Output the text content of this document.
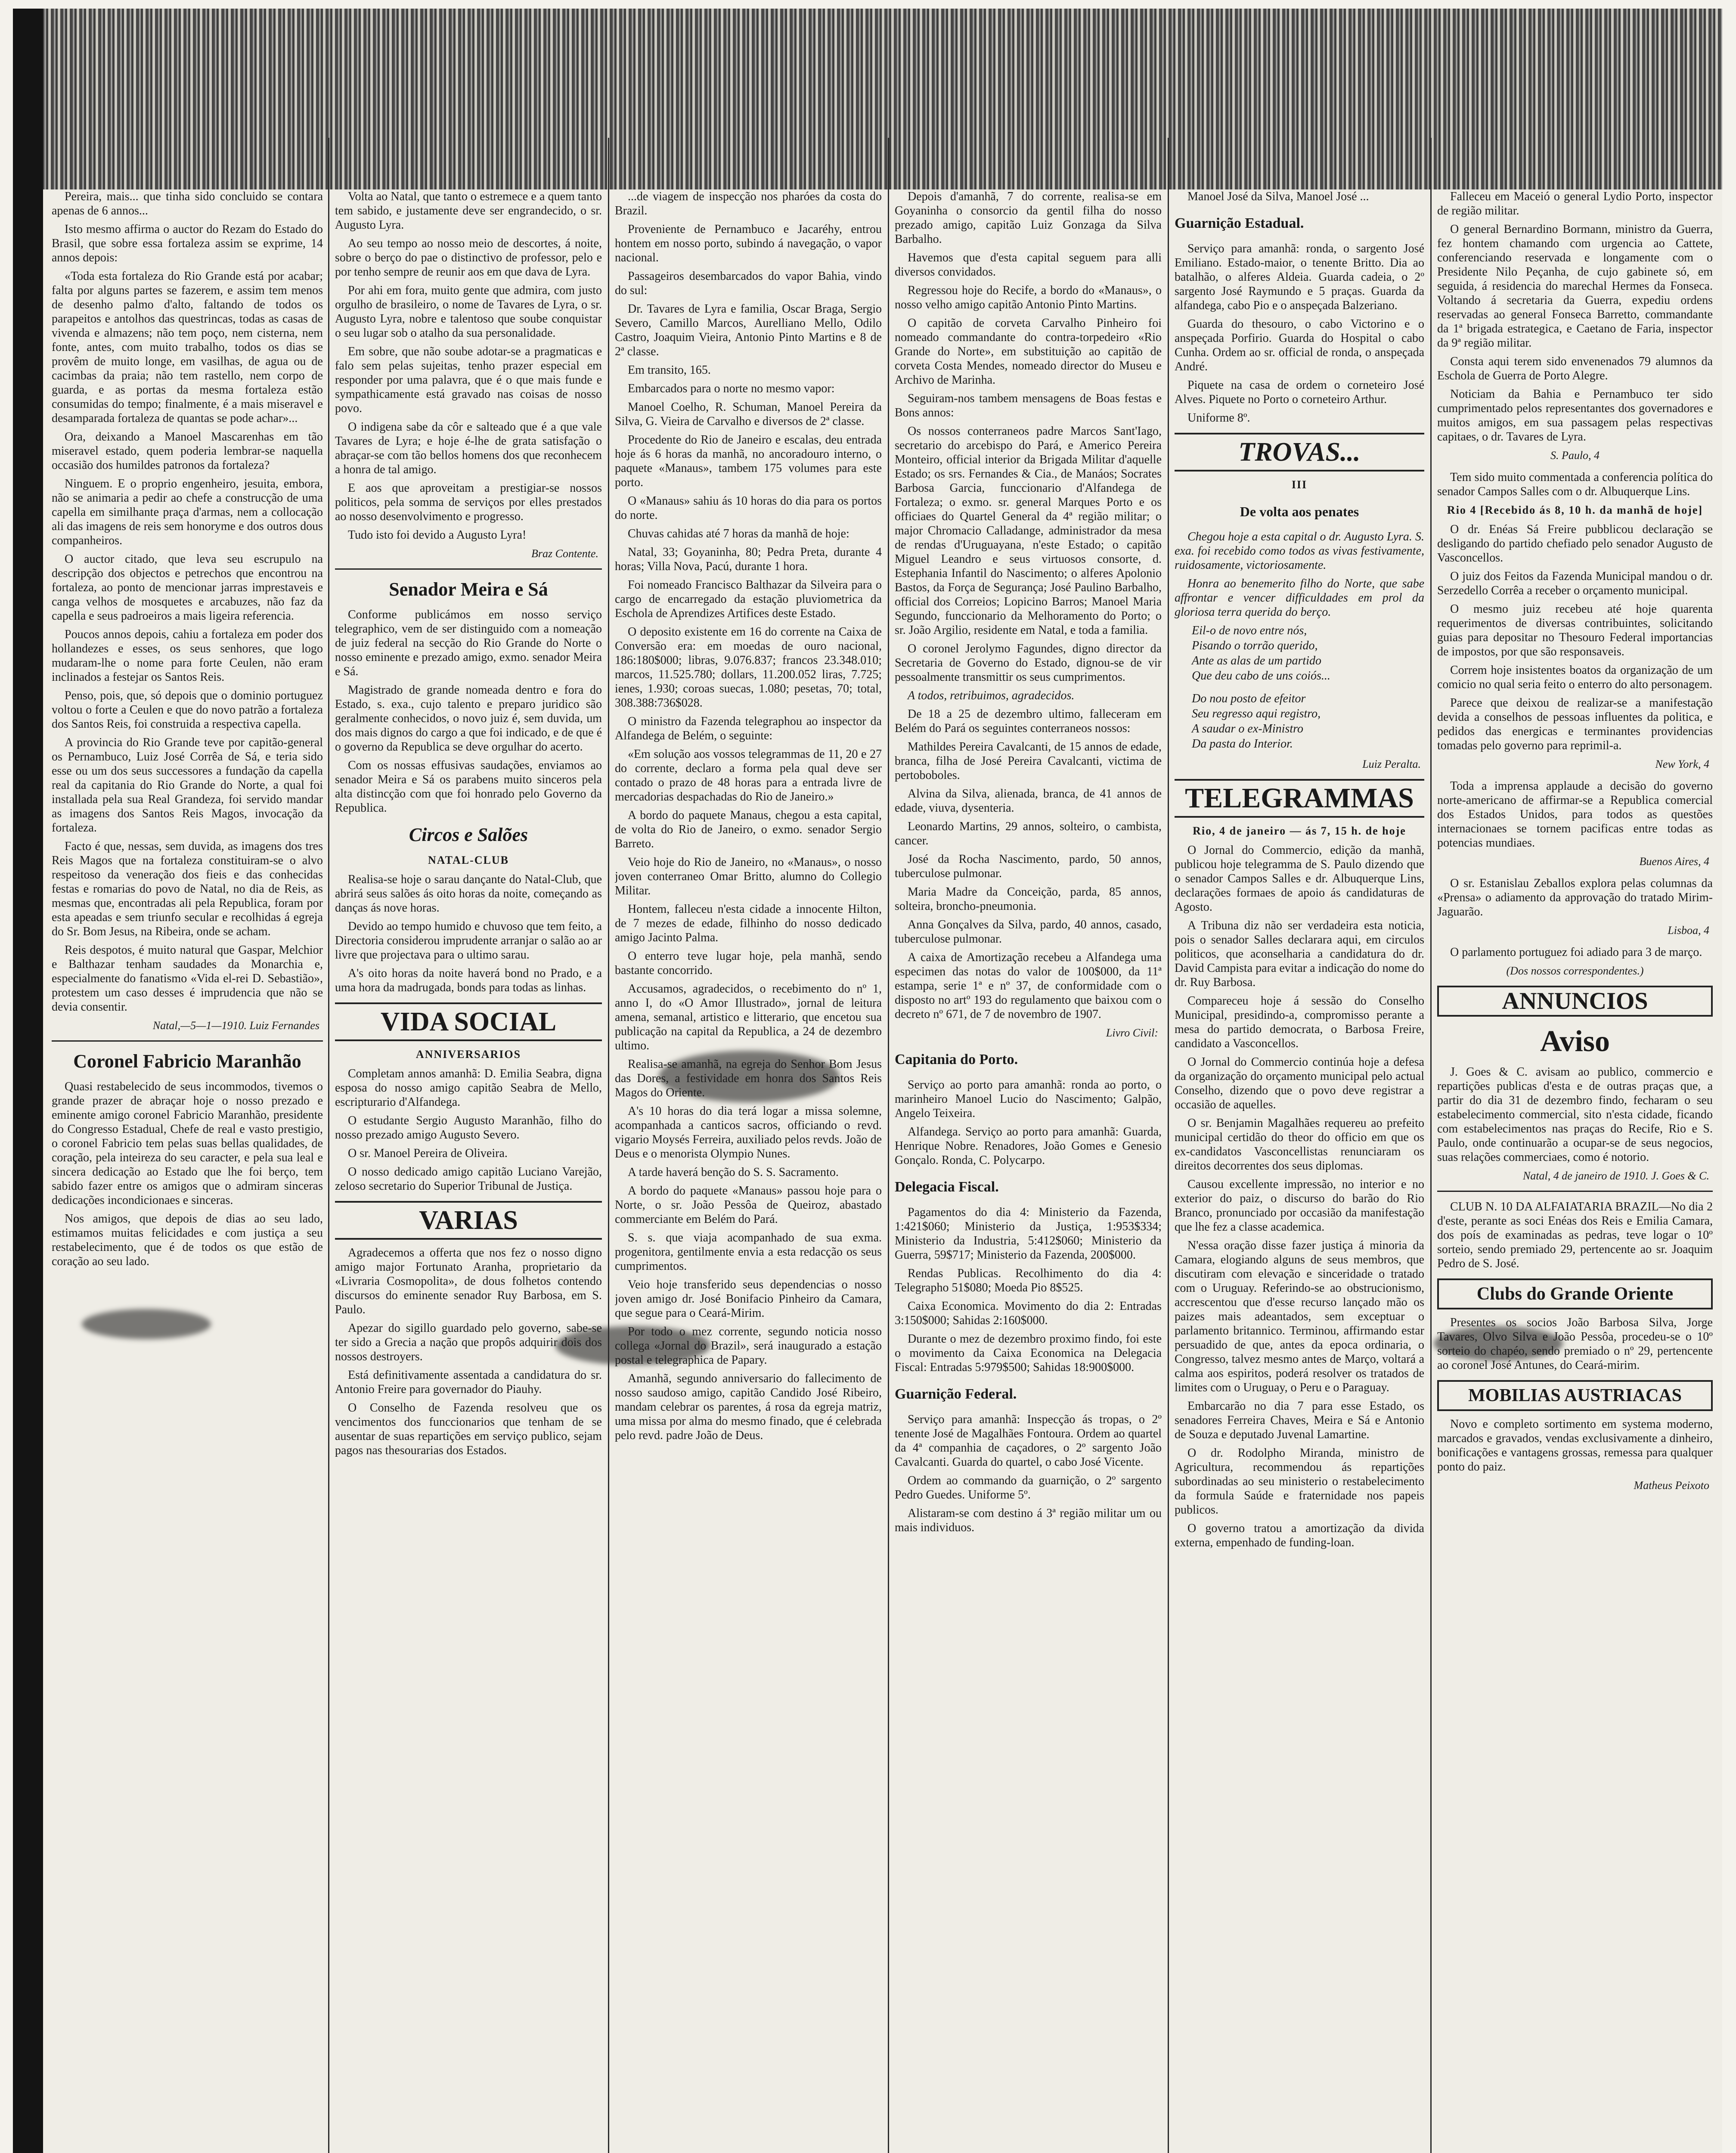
Pereira, mais... que tinha sido concluido se contara apenas de 6 annos...

Isto mesmo affirma o auctor do Rezam do Estado do Brasil, que sobre essa fortaleza assim se exprime, 14 annos depois:

«Toda esta fortaleza do Rio Grande está por acabar; falta por alguns partes se fazerem, e assim tem menos de desenho palmo d'alto, faltando de todos os parapeitos e antolhos das questrincas, todas as casas de vivenda e almazens; não tem poço, nem cisterna, nem fonte, antes, com muito trabalho, todos os dias se provêm de muito longe, em vasilhas, de agua ou de cacimbas da praia; não tem rastello, nem corpo de guarda, e as portas da mesma fortaleza estão consumidas do tempo; finalmente, é a mais miseravel e desamparada fortaleza de quantas se pode achar»...

Ora, deixando a Manoel Mascarenhas em tão miseravel estado, quem poderia lembrar-se naquella occasião dos humildes patronos da fortaleza?

Ninguem. E o proprio engenheiro, jesuita, embora, não se animaria a pedir ao chefe a construcção de uma capella em similhante praça d'armas, nem a collocação ali das imagens de reis sem honoryme e dos outros dous companheiros.

O auctor citado, que leva seu escrupulo na descripção dos objectos e petrechos que encontrou na fortaleza, ao ponto de mencionar jarras imprestaveis e canga velhos de mosquetes e arcabuzes, não faz da capella e seus padroeiros a mais ligeira referencia.

Poucos annos depois, cahiu a fortaleza em poder dos hollandezes e esses, os seus senhores, que logo mudaram-lhe o nome para forte Ceulen, não eram inclinados a festejar os Santos Reis.

Penso, pois, que, só depois que o dominio portuguez voltou o forte a Ceulen e que do novo patrão a fortaleza dos Santos Reis, foi construida a respectiva capella.

A provincia do Rio Grande teve por capitão-general os Pernambuco, Luiz José Corrêa de Sá, e teria sido esse ou um dos seus successores a fundação da capella real da capitania do Rio Grande do Norte, a qual foi installada pela sua Real Grandeza, foi servido mandar as imagens dos Santos Reis Magos, invocação da fortaleza.

Facto é que, nessas, sem duvida, as imagens dos tres Reis Magos que na fortaleza constituiram-se o alvo respeitoso da veneração dos fieis e das conhecidas festas e romarias do povo de Natal, no dia de Reis, as mesmas que, encontradas ali pela Republica, foram por esta apeadas e sem triunfo secular e recolhidas á egreja do Sr. Bom Jesus, na Ribeira, onde se acham.

Reis despotos, é muito natural que Gaspar, Melchior e Balthazar tenham saudades da Monarchia e, especialmente do fanatismo «Vida el-rei D. Sebastião», protestem um caso desses é imprudencia que não se devia consentir.

Natal,—5—1—1910. Luiz Fernandes
Coronel Fabricio Maranhão

Quasi restabelecido de seus incommodos, tivemos o grande prazer de abraçar hoje o nosso prezado e eminente amigo coronel Fabricio Maranhão, presidente do Congresso Estadual, Chefe de real e vasto prestigio, o coronel Fabricio tem pelas suas bellas qualidades, de coração, pela inteireza do seu caracter, e pela sua leal e sincera dedicação ao Estado que lhe foi berço, tem sabido fazer entre os amigos que o admiram sinceras dedicações incondicionaes e sinceras.

Nos amigos, que depois de dias ao seu lado, estimamos muitas felicidades e com justiça a seu restabelecimento, que é de todos os que estão de coração ao seu lado.

Volta ao Natal, que tanto o estremece e a quem tanto tem sabido, e justamente deve ser engrandecido, o sr. Augusto Lyra.

Ao seu tempo ao nosso meio de descortes, á noite, sobre o berço do pae o distinctivo de professor, pelo e por tenho sempre de reunir aos em que dava de Lyra.

Por ahi em fora, muito gente que admira, com justo orgulho de brasileiro, o nome de Tavares de Lyra, o sr. Augusto Lyra, nobre e talentoso que soube conquistar o seu lugar sob o atalho da sua personalidade.

Em sobre, que não soube adotar-se a pragmaticas e falo sem pelas sujeitas, tenho prazer especial em responder por uma palavra, que é o que mais funde e sympathicamente está gravado nas coisas de nosso povo.

O indigena sabe da côr e salteado que é a que vale Tavares de Lyra; e hoje é-lhe de grata satisfação o abraçar-se com tão bellos homens dos que reconhecem a honra de tal amigo.

E aos que aproveitam a prestigiar-se nossos politicos, pela somma de serviços por elles prestados ao nosso desenvolvimento e progresso.

Tudo isto foi devido a Augusto Lyra!

Braz Contente.
Senador Meira e Sá

Conforme publicámos em nosso serviço telegraphico, vem de ser distinguido com a nomeação de juiz federal na secção do Rio Grande do Norte o nosso eminente e prezado amigo, exmo. senador Meira e Sá.

Magistrado de grande nomeada dentro e fora do Estado, s. exa., cujo talento e preparo juridico são geralmente conhecidos, o novo juiz é, sem duvida, um dos mais dignos do cargo a que foi indicado, e de que é o governo da Republica se deve orgulhar do acerto.

Com os nossas effusivas saudações, enviamos ao senador Meira e Sá os parabens muito sinceros pela alta distincção com que foi honrado pelo Governo da Republica.

Circos e Salões
NATAL-CLUB

Realisa-se hoje o sarau dançante do Natal-Club, que abrirá seus salões ás oito horas da noite, começando as danças ás nove horas.

Devido ao tempo humido e chuvoso que tem feito, a Directoria considerou imprudente arranjar o salão ao ar livre que projectava para o ultimo sarau.

A's oito horas da noite haverá bond no Prado, e a uma hora da madrugada, bonds para todas as linhas.

VIDA SOCIAL
ANNIVERSARIOS

Completam annos amanhã: D. Emilia Seabra, digna esposa do nosso amigo capitão Seabra de Mello, escripturario d'Alfandega.

O estudante Sergio Augusto Maranhão, filho do nosso prezado amigo Augusto Severo.

O sr. Manoel Pereira de Oliveira.

O nosso dedicado amigo capitão Luciano Varejão, zeloso secretario do Superior Tribunal de Justiça.

VARIAS

Agradecemos a offerta que nos fez o nosso digno amigo major Fortunato Aranha, proprietario da «Livraria Cosmopolita», de dous folhetos contendo discursos do eminente senador Ruy Barbosa, em S. Paulo.

Apezar do sigillo guardado pelo governo, sabe-se ter sido a Grecia a nação que propôs adquirir dois dos nossos destroyers.

Está definitivamente assentada a candidatura do sr. Antonio Freire para governador do Piauhy.

O Conselho de Fazenda resolveu que os vencimentos dos funccionarios que tenham de se ausentar de suas repartições em serviço publico, sejam pagos nas thesourarias dos Estados.

...de viagem de inspecção nos pharóes da costa do Brazil.

Proveniente de Pernambuco e Jacaréhy, entrou hontem em nosso porto, subindo á navegação, o vapor nacional.

Passageiros desembarcados do vapor Bahia, vindo do sul:

Dr. Tavares de Lyra e familia, Oscar Braga, Sergio Severo, Camillo Marcos, Aurelliano Mello, Odilo Castro, Joaquim Vieira, Antonio Pinto Martins e 8 de 2ª classe.

Em transito, 165.

Embarcados para o norte no mesmo vapor:

Manoel Coelho, R. Schuman, Manoel Pereira da Silva, G. Vieira de Carvalho e diversos de 2ª classe.

Procedente do Rio de Janeiro e escalas, deu entrada hoje ás 6 horas da manhã, no ancoradouro interno, o paquete «Manaus», tambem 175 volumes para este porto.

O «Manaus» sahiu ás 10 horas do dia para os portos do norte.

Chuvas cahidas até 7 horas da manhã de hoje:

Natal, 33; Goyaninha, 80; Pedra Preta, durante 4 horas; Villa Nova, Pacú, durante 1 hora.

Foi nomeado Francisco Balthazar da Silveira para o cargo de encarregado da estação pluviometrica da Eschola de Aprendizes Artifices deste Estado.

O deposito existente em 16 do corrente na Caixa de Conversão era: em moedas de ouro nacional, 186:180$000; libras, 9.076.837; francos 23.348.010; marcos, 11.525.780; dollars, 11.200.052 liras, 7.725; ienes, 1.930; coroas suecas, 1.080; pesetas, 70; total, 308.388:736$028.

O ministro da Fazenda telegraphou ao inspector da Alfandega de Belém, o seguinte:

«Em solução aos vossos telegrammas de 11, 20 e 27 do corrente, declaro a forma pela qual deve ser contado o prazo de 48 horas para a entrada livre de mercadorias despachadas do Rio de Janeiro.»

A bordo do paquete Manaus, chegou a esta capital, de volta do Rio de Janeiro, o exmo. senador Sergio Barreto.

Veio hoje do Rio de Janeiro, no «Manaus», o nosso joven conterraneo Omar Britto, alumno do Collegio Militar.

Hontem, falleceu n'esta cidade a innocente Hilton, de 7 mezes de edade, filhinho do nosso dedicado amigo Jacinto Palma.

O enterro teve lugar hoje, pela manhã, sendo bastante concorrido.

Accusamos, agradecidos, o recebimento do nº 1, anno I, do «O Amor Illustrado», jornal de leitura amena, semanal, artistico e litterario, que encetou sua publicação na capital da Republica, a 24 de dezembro ultimo.

Realisa-se amanhã, na egreja do Senhor Bom Jesus das Dores, a festividade em honra dos Santos Reis Magos do Oriente.

A's 10 horas do dia terá logar a missa solemne, acompanhada a canticos sacros, officiando o revd. vigario Moysés Ferreira, auxiliado pelos revds. João de Deus e o menorista Olympio Nunes.

A tarde haverá benção do S. S. Sacramento.

A bordo do paquete «Manaus» passou hoje para o Norte, o sr. João Pessôa de Queiroz, abastado commerciante em Belém do Pará.

S. s. que viaja acompanhado de sua exma. progenitora, gentilmente envia a esta redacção os seus cumprimentos.

Veio hoje transferido seus dependencias o nosso joven amigo dr. José Bonifacio Pinheiro da Camara, que segue para o Ceará-Mirim.

Por todo o mez corrente, segundo noticia nosso collega «Jornal do Brazil», será inaugurado a estação postal e telegraphica de Papary.

Amanhã, segundo anniversario do fallecimento de nosso saudoso amigo, capitão Candido José Ribeiro, mandam celebrar os parentes, á rosa da egreja matriz, uma missa por alma do mesmo finado, que é celebrada pelo revd. padre João de Deus.

Depois d'amanhã, 7 do corrente, realisa-se em Goyaninha o consorcio da gentil filha do nosso prezado amigo, capitão Luiz Gonzaga da Silva Barbalho.

Havemos que d'esta capital seguem para alli diversos convidados.

Regressou hoje do Recife, a bordo do «Manaus», o nosso velho amigo capitão Antonio Pinto Martins.

O capitão de corveta Carvalho Pinheiro foi nomeado commandante do contra-torpedeiro «Rio Grande do Norte», em substituição ao capitão de corveta Costa Mendes, nomeado director do Museu e Archivo de Marinha.

Seguiram-nos tambem mensagens de Boas festas e Bons annos:

Os nossos conterraneos padre Marcos Sant'Iago, secretario do arcebispo do Pará, e Americo Pereira Monteiro, official interior da Brigada Militar d'aquelle Estado; os srs. Fernandes & Cia., de Manáos; Socrates Barbosa Garcia, funccionario d'Alfandega de Fortaleza; o exmo. sr. general Marques Porto e os officiaes do Quartel General da 4ª região militar; o major Chromacio Calladange, administrador da mesa de rendas d'Uruguayana, n'este Estado; o capitão Miguel Leandro e seus virtuosos consorte, d. Estephania Infantil do Nascimento; o alferes Apolonio Bastos, da Força de Segurança; José Paulino Barbalho, official dos Correios; Lopicino Barros; Manoel Maria Segundo, funccionario da Melhoramento do Porto; o sr. João Argilio, residente em Natal, e toda a familia.

O coronel Jerolymo Fagundes, digno director da Secretaria de Governo do Estado, dignou-se de vir pessoalmente transmittir os seus cumprimentos.

A todos, retribuimos, agradecidos.

De 18 a 25 de dezembro ultimo, falleceram em Belém do Pará os seguintes conterraneos nossos:

Mathildes Pereira Cavalcanti, de 15 annos de edade, branca, filha de José Pereira Cavalcanti, victima de pertoboboles.

Alvina da Silva, alienada, branca, de 41 annos de edade, viuva, dysenteria.

Leonardo Martins, 29 annos, solteiro, o cambista, cancer.

José da Rocha Nascimento, pardo, 50 annos, tuberculose pulmonar.

Maria Madre da Conceição, parda, 85 annos, solteira, broncho-pneumonia.

Anna Gonçalves da Silva, pardo, 40 annos, casado, tuberculose pulmonar.

A caixa de Amortização recebeu a Alfandega uma especimen das notas do valor de 100$000, da 11ª estampa, serie 1ª e nº 37, de conformidade com o disposto no artº 193 do regulamento que baixou com o decreto nº 671, de 7 de novembro de 1907.

Livro Civil:
Capitania do Porto.

Serviço ao porto para amanhã: ronda ao porto, o marinheiro Manoel Lucio do Nascimento; Galpão, Angelo Teixeira.

Alfandega. Serviço ao porto para amanhã: Guarda, Henrique Nobre. Renadores, João Gomes e Genesio Gonçalo. Ronda, C. Polycarpo.

Delegacia Fiscal.

Pagamentos do dia 4: Ministerio da Fazenda, 1:421$060; Ministerio da Justiça, 1:953$334; Ministerio da Industria, 5:412$060; Ministerio da Guerra, 59$717; Ministerio da Fazenda, 200$000.

Rendas Publicas. Recolhimento do dia 4: Telegrapho 51$080; Moeda Pio 8$525.

Caixa Economica. Movimento do dia 2: Entradas 3:150$000; Sahidas 2:160$000.

Durante o mez de dezembro proximo findo, foi este o movimento da Caixa Economica na Delegacia Fiscal: Entradas 5:979$500; Sahidas 18:900$000.

Guarnição Federal.

Serviço para amanhã: Inspecção ás tropas, o 2º tenente José de Magalhães Fontoura. Ordem ao quartel da 4ª companhia de caçadores, o 2º sargento João Cavalcanti. Guarda do quartel, o cabo José Vicente.

Ordem ao commando da guarnição, o 2º sargento Pedro Guedes. Uniforme 5º.

Alistaram-se com destino á 3ª região militar um ou mais individuos.

Manoel José da Silva, Manoel José ...

Guarnição Estadual.

Serviço para amanhã: ronda, o sargento José Emiliano. Estado-maior, o tenente Britto. Dia ao batalhão, o alferes Aldeia. Guarda cadeia, o 2º sargento José Raymundo e 5 praças. Guarda da alfandega, cabo Pio e o anspeçada Balzeriano.

Guarda do thesouro, o cabo Victorino e o anspeçada Porfirio. Guarda do Hospital o cabo Cunha. Ordem ao sr. official de ronda, o anspeçada André.

Piquete na casa de ordem o corneteiro José Alves. Piquete no Porto o corneteiro Arthur.

Uniforme 8º.

TROVAS...
III
De volta aos penates

Chegou hoje a esta capital o dr. Augusto Lyra. S. exa. foi recebido como todos as vivas festivamente, ruidosamente, victoriosamente.

Honra ao benemerito filho do Norte, que sabe affrontar e vencer difficuldades em prol da gloriosa terra querida do berço.

Eil-o de novo entre nós,
Pisando o torrão querido,
Ante as alas de um partido
Que deu cabo de uns coiós...
Do nou posto de efeitor
Seu regresso aqui registro,
A saudar o ex-Ministro
Da pasta do Interior.
Luiz Peralta.
TELEGRAMMAS
Rio, 4 de janeiro — ás 7, 15 h. de hoje

O Jornal do Commercio, edição da manhã, publicou hoje telegramma de S. Paulo dizendo que o senador Campos Salles e dr. Albuquerque Lins, declarações formaes de apoio ás candidaturas de Agosto.

A Tribuna diz não ser verdadeira esta noticia, pois o senador Salles declarara aqui, em circulos politicos, que aconselharia a candidatura do dr. David Campista para evitar a indicação do nome do dr. Ruy Barbosa.

Compareceu hoje á sessão do Conselho Municipal, presidindo-a, compromisso perante a mesa do partido democrata, o Barbosa Freire, candidato a Vasconcellos.

O Jornal do Commercio continúa hoje a defesa da organização do orçamento municipal pelo actual Conselho, dizendo que o povo deve registrar a occasião de aquelles.

O sr. Benjamin Magalhães requereu ao prefeito municipal certidão do theor do officio em que os ex-candidatos Vasconcellistas renunciaram os direitos decorrentes dos seus diplomas.

Causou excellente impressão, no interior e no exterior do paiz, o discurso do barão do Rio Branco, pronunciado por occasião da manifestação que lhe fez a classe academica.

N'essa oração disse fazer justiça á minoria da Camara, elogiando alguns de seus membros, que discutiram com elevação e sinceridade o tratado com o Uruguay. Referindo-se ao obstrucionismo, accrescentou que d'esse recurso lançado mão os paizes mais adeantados, sem exceptuar o parlamento britannico. Terminou, affirmando estar persuadido de que, antes da epoca ordinaria, o Congresso, talvez mesmo antes de Março, voltará a calma aos espiritos, poderá resolver os tratados de limites com o Uruguay, o Peru e o Paraguay.

Embarcarão no dia 7 para esse Estado, os senadores Ferreira Chaves, Meira e Sá e Antonio de Souza e deputado Juvenal Lamartine.

O dr. Rodolpho Miranda, ministro de Agricultura, recommendou ás repartições subordinadas ao seu ministerio o restabelecimento da formula Saúde e fraternidade nos papeis publicos.

O governo tratou a amortização da divida externa, empenhado de funding-loan.

Falleceu em Maceió o general Lydio Porto, inspector de região militar.

O general Bernardino Bormann, ministro da Guerra, fez hontem chamando com urgencia ao Cattete, conferenciando reservada e longamente com o Presidente Nilo Peçanha, de cujo gabinete só, em seguida, á residencia do marechal Hermes da Fonseca. Voltando á secretaria da Guerra, expediu ordens reservadas ao general Fonseca Barretto, commandante da 1ª brigada estrategica, e Caetano de Faria, inspector da 9ª região militar.

Consta aqui terem sido envenenados 79 alumnos da Eschola de Guerra de Porto Alegre.

Noticiam da Bahia e Pernambuco ter sido cumprimentado pelos representantes dos governadores e muitos amigos, em sua passagem pelas respectivas capitaes, o dr. Tavares de Lyra.

S. Paulo, 4

Tem sido muito commentada a conferencia política do senador Campos Salles com o dr. Albuquerque Lins.

Rio 4 [Recebido ás 8, 10 h. da manhã de hoje]

O dr. Enéas Sá Freire pubblicou declaração se desligando do partido chefiado pelo senador Augusto de Vasconcellos.

O juiz dos Feitos da Fazenda Municipal mandou o dr. Serzedello Corrêa a receber o orçamento municipal.

O mesmo juiz recebeu até hoje quarenta requerimentos de diversas contribuintes, solicitando guias para depositar no Thesouro Federal importancias de impostos, por que são responsaveis.

Correm hoje insistentes boatos da organização de um comicio no qual seria feito o enterro do alto personagem.

Parece que deixou de realizar-se a manifestação devida a conselhos de pessoas influentes da politica, e pedidos das energicas e terminantes providencias tomadas pelo governo para reprimil-a.

New York, 4

Toda a imprensa applaude a decisão do governo norte-americano de affirmar-se a Republica comercial dos Estados Unidos, para todos as questões internacionaes se tornem pacificas entre todas as potencias mundiaes.

Buenos Aires, 4

O sr. Estanislau Zeballos explora pelas columnas da «Prensa» o adiamento da approvação do tratado Mirim-Jaguarão.

Lisboa, 4

O parlamento portuguez foi adiado para 3 de março.

(Dos nossos correspondentes.)
ANNUNCIOS
Aviso

J. Goes & C. avisam ao publico, commercio e repartições publicas d'esta e de outras praças que, a partir do dia 31 de dezembro findo, fecharam o seu estabelecimento commercial, sito n'esta cidade, ficando com estabelecimentos nas praças do Recife, Rio e S. Paulo, onde continuarão a ocupar-se de seus negocios, suas relações commerciaes, como é notorio.

Natal, 4 de janeiro de 1910. J. Goes & C.

CLUB N. 10 DA ALFAIATARIA BRAZIL—No dia 2 d'este, perante as soci Enéas dos Reis e Emilia Camara, dos poís de examinadas as pedras, teve logar o 10º sorteio, sendo premiado 29, pertencente ao sr. Joaquim Pedro de S. José.

Clubs do Grande Oriente

Presentes os socios João Barbosa Silva, Jorge Tavares, Olvo Silva e João Pessôa, procedeu-se o 10º sorteio do chapéo, sendo premiado o nº 29, pertencente ao coronel José Antunes, do Ceará-mirim.

MOBILIAS AUSTRIACAS

Novo e completo sortimento em systema moderno, marcados e gravados, vendas exclusivamente a dinheiro, bonificações e vantagens grossas, remessa para qualquer ponto do paiz.

Matheus Peixoto
